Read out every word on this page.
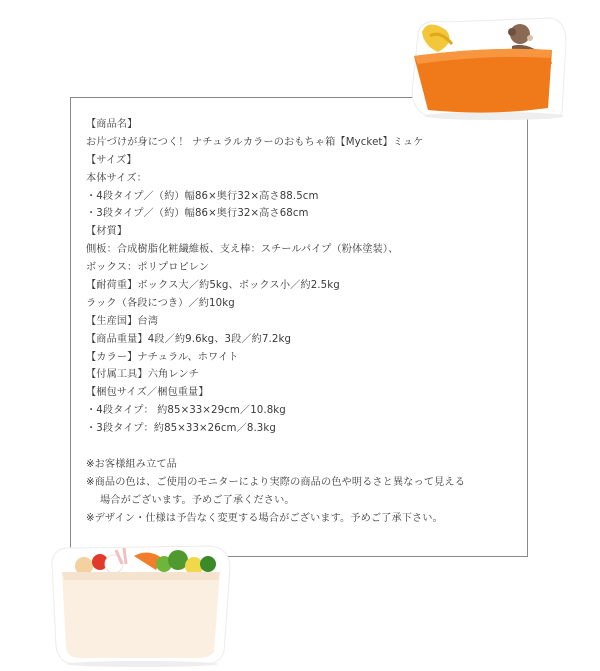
【商品名】
お片づけが身につく！ ナチュラルカラーのおもちゃ箱【Mycket】ミュケ
【サイズ】
本体サイズ：
・4段タイプ／（約）幅86×奥行32×高さ88.5cm
・3段タイプ／（約）幅86×奥行32×高さ68cm
【材質】
側板：合成樹脂化粧繊維板、支え棒：スチールパイプ（粉体塗装）、
ボックス：ポリプロピレン
【耐荷重】ボックス大／約5kg、ボックス小／約2.5kg
ラック（各段につき）／約10kg
【生産国】台湾
【商品重量】4段／約9.6kg、3段／約7.2kg
【カラー】ナチュラル、ホワイト
【付属工具】六角レンチ
【梱包サイズ／梱包重量】
・4段タイプ： 約85×33×29cm／10.8kg
・3段タイプ：約85×33×26cm／8.3kg
※お客様組み立て品
※商品の色は、ご使用のモニターにより実際の商品の色や明るさと異なって見える
場合がございます。予めご了承ください。
※デザイン・仕様は予告なく変更する場合がございます。予めご了承下さい。
